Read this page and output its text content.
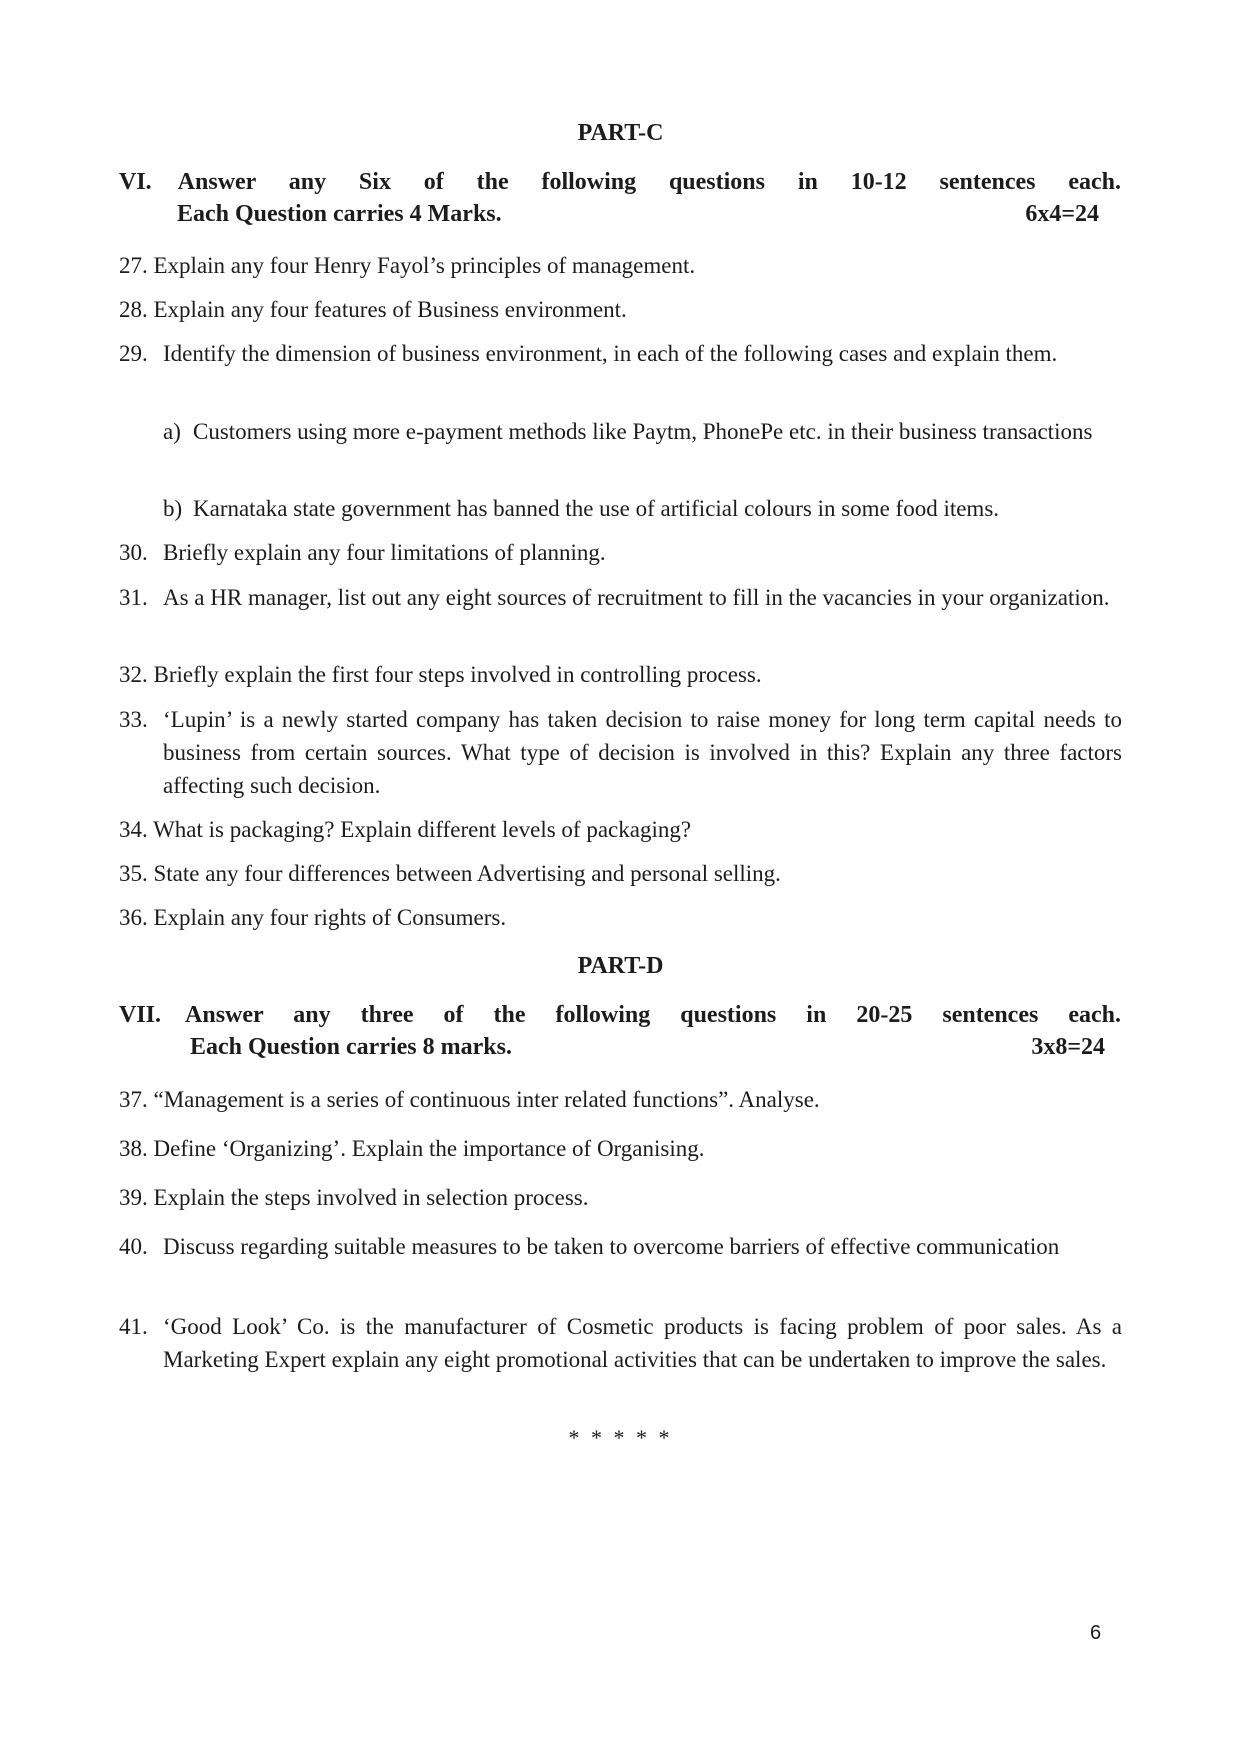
PART-C
VI. Answer any Six of the following questions in 10-12 sentences each.
Each Question carries 4 Marks.	6x4=24
27. Explain any four Henry Fayol’s principles of management.
28. Explain any four features of Business environment.
29. Identify the dimension of business environment, in each of the following cases and explain them.
a) Customers using more e-payment methods like Paytm, PhonePe etc. in their business transactions
b) Karnataka state government has banned the use of artificial colours in some food items.
30. Briefly explain any four limitations of planning.
31. As a HR manager, list out any eight sources of recruitment to fill in the vacancies in your organization.
32. Briefly explain the first four steps involved in controlling process.
33. ‘Lupin’ is a newly started company has taken decision to raise money for long term capital needs to business from certain sources. What type of decision is involved in this? Explain any three factors affecting such decision.
34. What is packaging? Explain different levels of packaging?
35. State any four differences between Advertising and personal selling.
36. Explain any four rights of Consumers.
PART-D
VII. Answer any three of the following questions in 20-25 sentences each.
Each Question carries 8 marks.	3x8=24
37. “Management is a series of continuous inter related functions”. Analyse.
38. Define ‘Organizing’. Explain the importance of Organising.
39. Explain the steps involved in selection process.
40. Discuss regarding suitable measures to be taken to overcome barriers of effective communication
41. ‘Good Look’ Co. is the manufacturer of Cosmetic products is facing problem of poor sales. As a Marketing Expert explain any eight promotional activities that can be undertaken to improve the sales.
* * * * *
6
